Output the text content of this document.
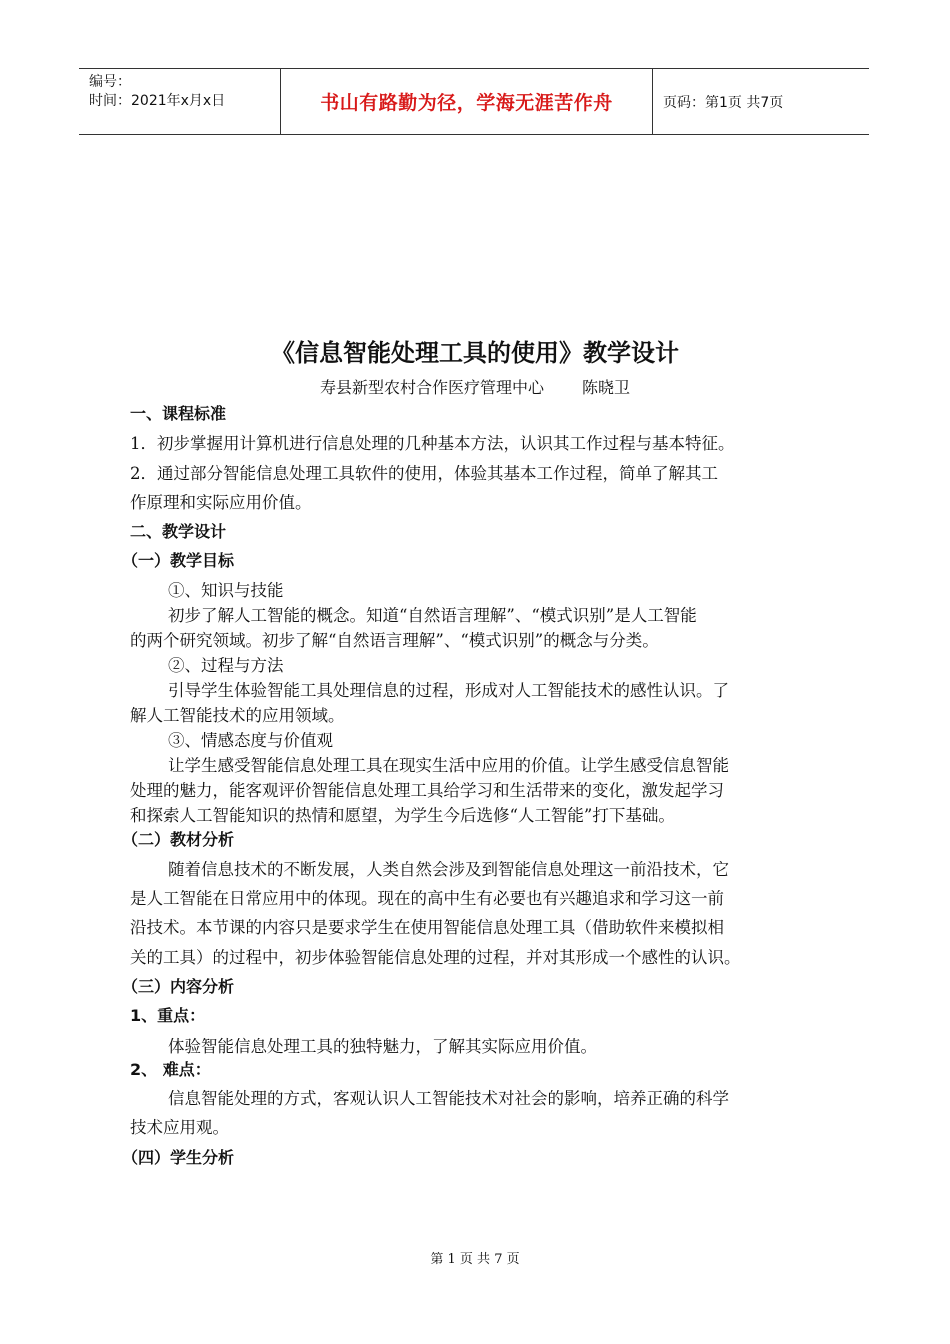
编号：
时间：2021年x月x日	书山有路勤为径，学海无涯苦作舟	页码：第1页 共7页
《信息智能处理工具的使用》教学设计
寿县新型农村合作医疗管理中心 陈晓卫
一、课程标准
1．初步掌握用计算机进行信息处理的几种基本方法，认识其工作过程与基本特征。
2．通过部分智能信息处理工具软件的使用，体验其基本工作过程，简单了解其工
作原理和实际应用价值。
二、教学设计
（一）教学目标
①、知识与技能
初步了解人工智能的概念。知道“自然语言理解”、“模式识别”是人工智能
的两个研究领域。初步了解“自然语言理解”、“模式识别”的概念与分类。
②、过程与方法
引导学生体验智能工具处理信息的过程，形成对人工智能技术的感性认识。了
解人工智能技术的应用领域。
③、情感态度与价值观
让学生感受智能信息处理工具在现实生活中应用的价值。让学生感受信息智能
处理的魅力，能客观评价智能信息处理工具给学习和生活带来的变化，激发起学习
和探索人工智能知识的热情和愿望，为学生今后选修“人工智能”打下基础。
（二）教材分析
随着信息技术的不断发展，人类自然会涉及到智能信息处理这一前沿技术，它
是人工智能在日常应用中的体现。现在的高中生有必要也有兴趣追求和学习这一前
沿技术。本节课的内容只是要求学生在使用智能信息处理工具（借助软件来模拟相
关的工具）的过程中，初步体验智能信息处理的过程，并对其形成一个感性的认识。
（三）内容分析
1、重点：
体验智能信息处理工具的独特魅力，了解其实际应用价值。
2、 难点：
信息智能处理的方式，客观认识人工智能技术对社会的影响，培养正确的科学
技术应用观。
（四）学生分析
第 1 页 共 7 页
